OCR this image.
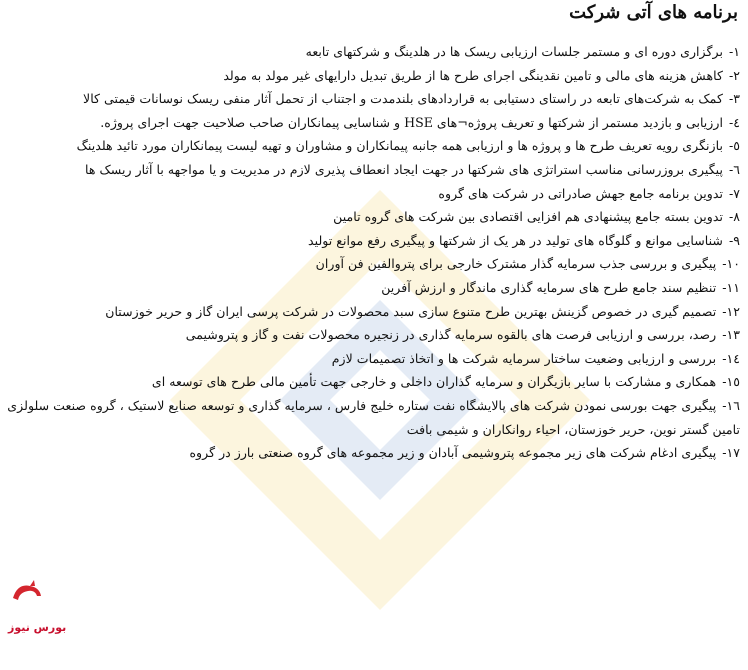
برنامه های آتی شرکت
۱-برگزاری دوره ای و مستمر جلسات ارزیابی ریسک ها در هلدینگ و شرکتهای تابعه
۲-کاهش هزینه های مالی و تامین نقدینگی اجرای طرح ها از طریق تبدیل دارایهای غیر مولد به مولد
۳-کمک به شرکت‌های تابعه در راستای دستیابی به قراردادهای بلندمدت و اجتناب از تحمل آثار منفی ریسک نوسانات قیمتی کالا
٤-ارزیابی و بازدید مستمر از شرکتها و تعریف پروژه¬های HSE و شناسایی پیمانکاران صاحب صلاحیت جهت اجرای پروژه.
٥-بازنگری رویه تعریف طرح ها و پروژه ها و ارزیابی همه جانبه پیمانکاران و مشاوران و تهیه لیست پیمانکاران مورد تائید هلدینگ
٦-پیگیری بروزرسانی مناسب استراتژی های شرکتها در جهت ایجاد انعطاف پذیری لازم در مدیریت و یا مواجهه با آثار ریسک ها
۷-تدوین برنامه جامع جهش صادراتی در شرکت های گروه
۸-تدوین بسته جامع پیشنهادی هم افزایی اقتصادی بین شرکت های گروه تامین
۹-شناسایی موانع و گلوگاه های تولید در هر یک از شرکتها و پیگیری رفع موانع تولید
۱۰-پیگیری و بررسی جذب سرمایه گذار مشترک خارجی برای پتروالفین فن آوران
۱۱-تنظیم سند جامع طرح های سرمایه گذاری ماندگار و ارزش آفرین
۱۲-تصمیم گیری در خصوص گزینش بهترین طرح متنوع سازی سبد محصولات در شرکت پرسی ایران گاز و حریر خوزستان
۱۳-رصد، بررسی و ارزیابی فرصت های بالقوه سرمایه گذاری در زنجیره محصولات نفت و گاز و پتروشیمی
۱٤-بررسی و ارزیابی وضعیت ساختار سرمایه شرکت ها و اتخاذ تصمیمات لازم
۱٥-همکاری و مشارکت با سایر بازیگران و سرمایه گذاران داخلی و خارجی جهت تأمین مالی طرح های توسعه ای
۱٦-پیگیری جهت بورسی نمودن شرکت های پالایشگاه نفت ستاره خلیج فارس ، سرمایه گذاری و توسعه صنایع لاستیک ، گروه صنعت سلولزی تامین گستر نوین، حریر خوزستان، احیاء روانکاران و شیمی بافت
۱۷-پیگیری ادغام شرکت های زیر مجموعه پتروشیمی آبادان و زیر مجموعه های گروه صنعتی بارز در گروه
بورس نیوز
